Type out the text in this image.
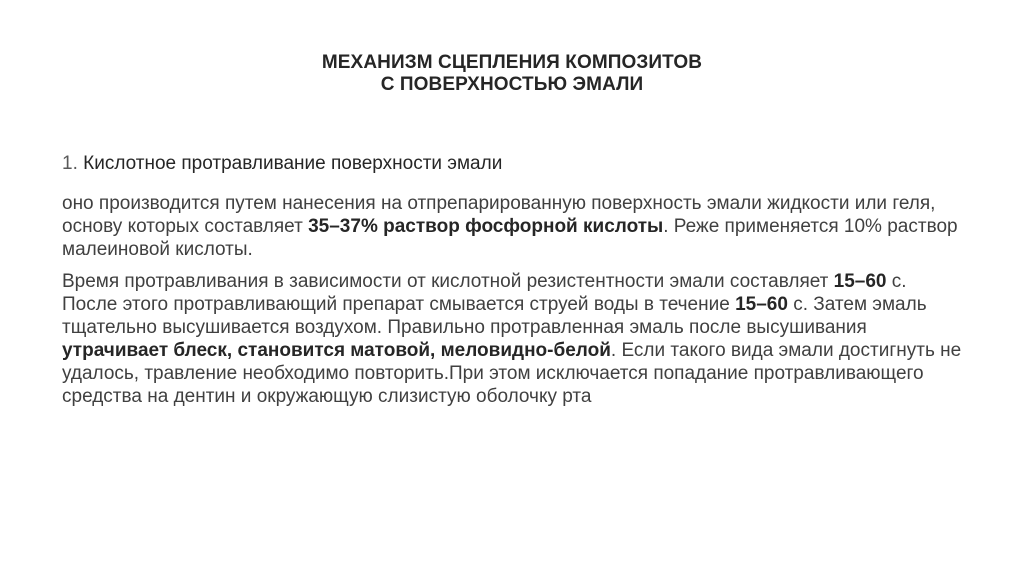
МЕХАНИЗМ СЦЕПЛЕНИЯ КОМПОЗИТОВ
С ПОВЕРХНОСТЬЮ ЭМАЛИ
1. Кислотное протравливание поверхности эмали
оно производится путем нанесения на отпрепарированную поверхность эмали жидкости или геля, основу которых составляет 35–37% раствор фосфорной кислоты. Реже применяется 10% раствор малеиновой кислоты.
Время протравливания в зависимости от кислотной резистентности эмали составляет 15–60 с. После этого протравливающий препарат смывается струей воды в течение 15–60 с. Затем эмаль тщательно высушивается воздухом. Правильно протравленная эмаль после высушивания утрачивает блеск, становится матовой, меловидно-белой. Если такого вида эмали достигнуть не удалось, травление необходимо повторить.При этом исключается попадание протравливающего средства на дентин и окружающую слизистую оболочку рта
